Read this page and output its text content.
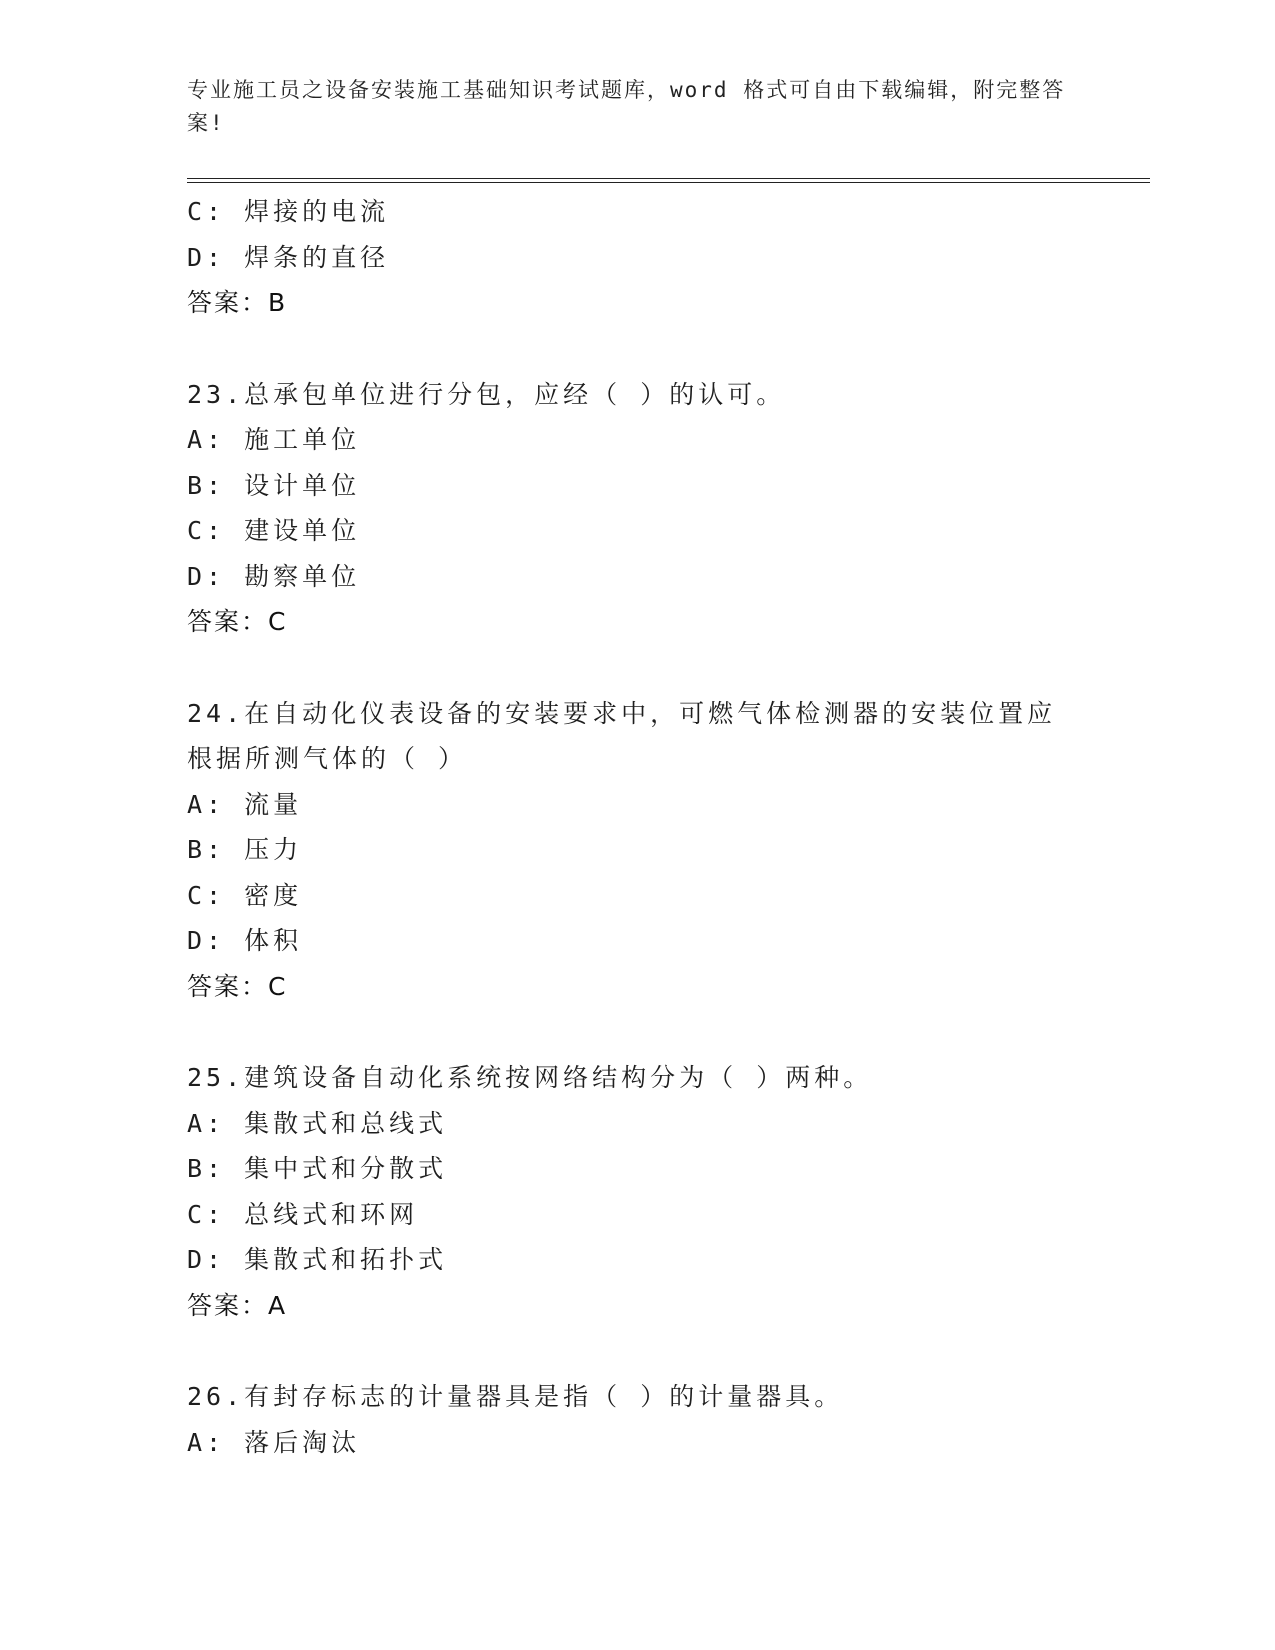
专业施工员之设备安装施工基础知识考试题库，word 格式可自由下载编辑，附完整答案!
C: 焊接的电流
D: 焊条的直径
答案：B
23.总承包单位进行分包，应经（ ）的认可。
A: 施工单位
B: 设计单位
C: 建设单位
D: 勘察单位
答案：C
24.在自动化仪表设备的安装要求中，可燃气体检测器的安装位置应根据所测气体的（ ）
A: 流量
B: 压力
C: 密度
D: 体积
答案：C
25.建筑设备自动化系统按网络结构分为（ ）两种。
A: 集散式和总线式
B: 集中式和分散式
C: 总线式和环网
D: 集散式和拓扑式
答案：A
26.有封存标志的计量器具是指（ ）的计量器具。
A: 落后淘汰
